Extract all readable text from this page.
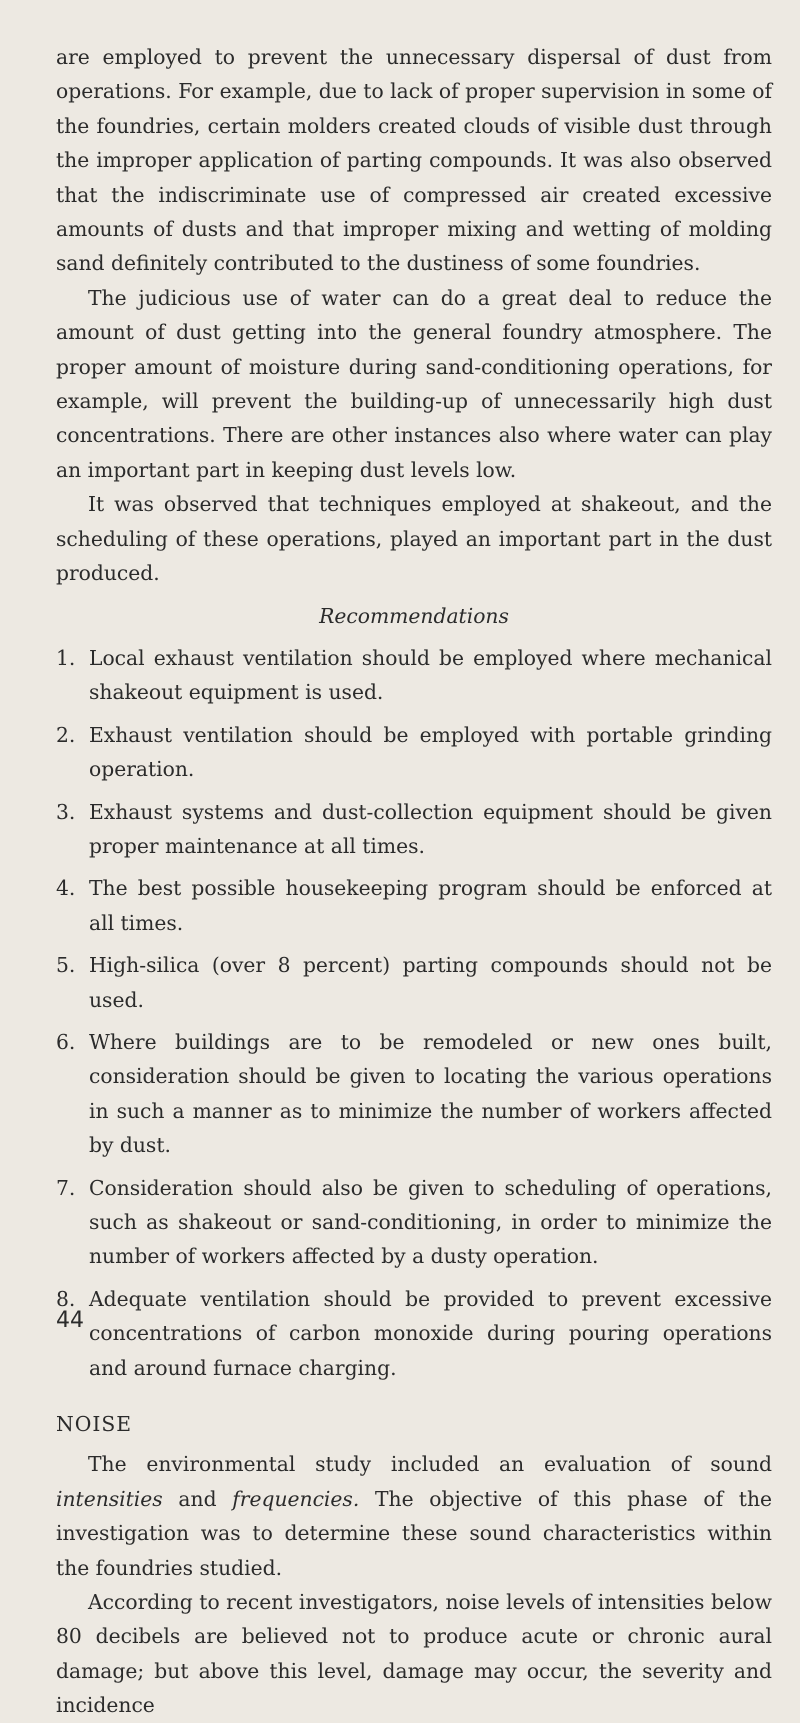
are employed to prevent the unnecessary dispersal of dust from operations. For example, due to lack of proper supervision in some of the foundries, certain molders created clouds of visible dust through the improper application of parting compounds. It was also observed that the indiscriminate use of compressed air created excessive amounts of dusts and that improper mixing and wetting of molding sand definitely contributed to the dustiness of some foundries.

The judicious use of water can do a great deal to reduce the amount of dust getting into the general foundry atmosphere. The proper amount of moisture during sand-conditioning operations, for example, will prevent the building-up of unnecessarily high dust concentrations. There are other instances also where water can play an important part in keeping dust levels low.

It was observed that techniques employed at shakeout, and the scheduling of these operations, played an important part in the dust produced.

Recommendations
1. Local exhaust ventilation should be employed where mechanical shakeout equipment is used.
2. Exhaust ventilation should be employed with portable grinding operation.
3. Exhaust systems and dust-collection equipment should be given proper maintenance at all times.
4. The best possible housekeeping program should be enforced at all times.
5. High-silica (over 8 percent) parting compounds should not be used.
6. Where buildings are to be remodeled or new ones built, consideration should be given to locating the various operations in such a manner as to minimize the number of workers affected by dust.
7. Consideration should also be given to scheduling of operations, such as shakeout or sand-conditioning, in order to minimize the number of workers affected by a dusty operation.
8. Adequate ventilation should be provided to prevent excessive concentrations of carbon monoxide during pouring operations and around furnace charging.
NOISE

The environmental study included an evaluation of sound intensities and frequencies. The objective of this phase of the investigation was to determine these sound characteristics within the foundries studied.

According to recent investigators, noise levels of intensities below 80 decibels are believed not to produce acute or chronic aural damage; but above this level, damage may occur, the severity and incidence

44
